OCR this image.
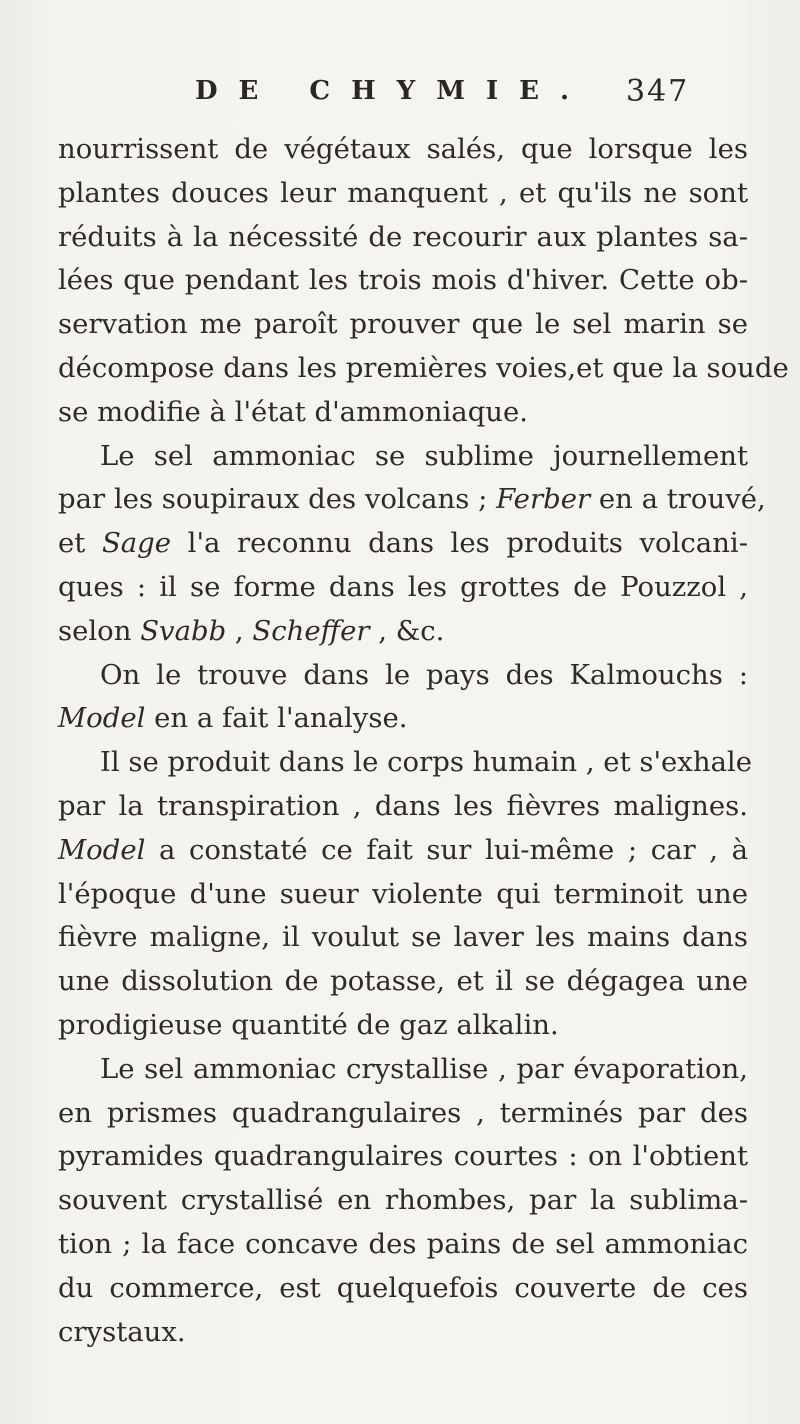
DE CHYMIE. 347
nourrissent de végétaux salés, que lorsque les
plantes douces leur manquent , et qu'ils ne sont
réduits à la nécessité de recourir aux plantes sa-
lées que pendant les trois mois d'hiver. Cette ob-
servation me paroît prouver que le sel marin se
décompose dans les premières voies,et que la soude
se modifie à l'état d'ammoniaque.
Le sel ammoniac se sublime journellement
par les soupiraux des volcans ; Ferber en a trouvé,
et Sage l'a reconnu dans les produits volcani-
ques : il se forme dans les grottes de Pouzzol ,
selon Svabb , Scheffer , &c.
On le trouve dans le pays des Kalmouchs :
Model en a fait l'analyse.
Il se produit dans le corps humain , et s'exhale
par la transpiration , dans les fièvres malignes.
Model a constaté ce fait sur lui-même ; car , à
l'époque d'une sueur violente qui terminoit une
fièvre maligne, il voulut se laver les mains dans
une dissolution de potasse, et il se dégagea une
prodigieuse quantité de gaz alkalin.
Le sel ammoniac crystallise , par évaporation,
en prismes quadrangulaires , terminés par des
pyramides quadrangulaires courtes : on l'obtient
souvent crystallisé en rhombes, par la sublima-
tion ; la face concave des pains de sel ammoniac
du commerce, est quelquefois couverte de ces
crystaux.
